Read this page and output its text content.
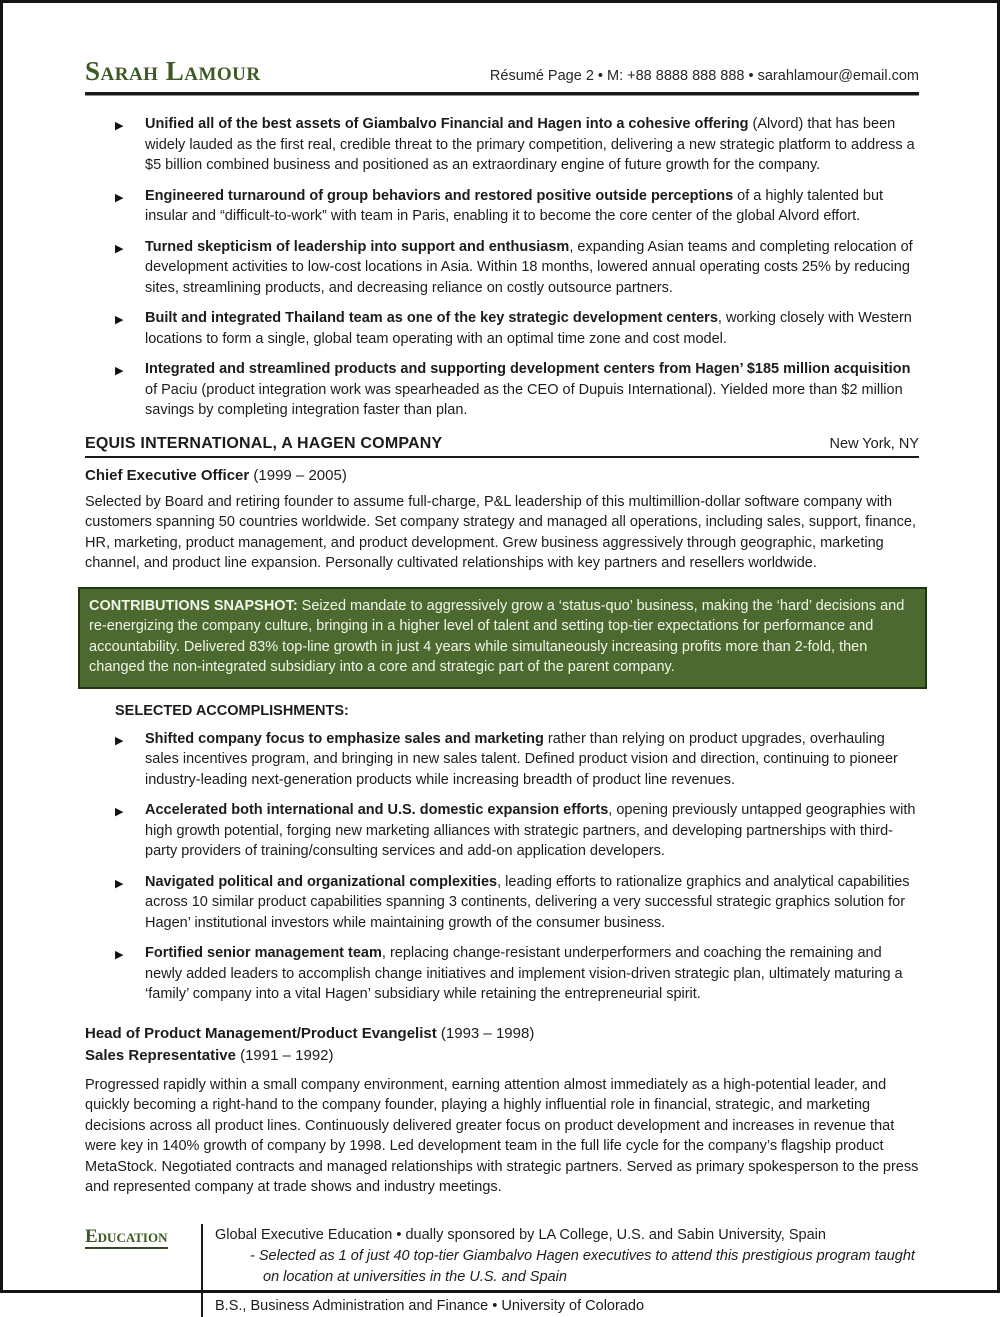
Sarah Lamour	Résumé Page 2 • M: +88 8888 888 888 • sarahlamour@email.com
▶ Unified all of the best assets of Giambalvo Financial and Hagen into a cohesive offering (Alvord) that has been widely lauded as the first real, credible threat to the primary competition, delivering a new strategic platform to address a $5 billion combined business and positioned as an extraordinary engine of future growth for the company.
▶ Engineered turnaround of group behaviors and restored positive outside perceptions of a highly talented but insular and “difficult-to-work” with team in Paris, enabling it to become the core center of the global Alvord effort.
▶ Turned skepticism of leadership into support and enthusiasm, expanding Asian teams and completing relocation of development activities to low-cost locations in Asia. Within 18 months, lowered annual operating costs 25% by reducing sites, streamlining products, and decreasing reliance on costly outsource partners.
▶ Built and integrated Thailand team as one of the key strategic development centers, working closely with Western locations to form a single, global team operating with an optimal time zone and cost model.
▶ Integrated and streamlined products and supporting development centers from Hagen’ $185 million acquisition of Paciu (product integration work was spearheaded as the CEO of Dupuis International). Yielded more than $2 million savings by completing integration faster than plan.
EQUIS INTERNATIONAL, A HAGEN COMPANY	New York, NY
Chief Executive Officer (1999 – 2005)
Selected by Board and retiring founder to assume full-charge, P&L leadership of this multimillion-dollar software company with customers spanning 50 countries worldwide. Set company strategy and managed all operations, including sales, support, finance, HR, marketing, product management, and product development. Grew business aggressively through geographic, marketing channel, and product line expansion. Personally cultivated relationships with key partners and resellers worldwide.
CONTRIBUTIONS SNAPSHOT: Seized mandate to aggressively grow a ‘status-quo’ business, making the ‘hard’ decisions and re-energizing the company culture, bringing in a higher level of talent and setting top-tier expectations for performance and accountability. Delivered 83% top-line growth in just 4 years while simultaneously increasing profits more than 2-fold, then changed the non-integrated subsidiary into a core and strategic part of the parent company.
SELECTED ACCOMPLISHMENTS:
▶ Shifted company focus to emphasize sales and marketing rather than relying on product upgrades, overhauling sales incentives program, and bringing in new sales talent. Defined product vision and direction, continuing to pioneer industry-leading next-generation products while increasing breadth of product line revenues.
▶ Accelerated both international and U.S. domestic expansion efforts, opening previously untapped geographies with high growth potential, forging new marketing alliances with strategic partners, and developing partnerships with third-party providers of training/consulting services and add-on application developers.
▶ Navigated political and organizational complexities, leading efforts to rationalize graphics and analytical capabilities across 10 similar product capabilities spanning 3 continents, delivering a very successful strategic graphics solution for Hagen’ institutional investors while maintaining growth of the consumer business.
▶ Fortified senior management team, replacing change-resistant underperformers and coaching the remaining and newly added leaders to accomplish change initiatives and implement vision-driven strategic plan, ultimately maturing a ‘family’ company into a vital Hagen’ subsidiary while retaining the entrepreneurial spirit.
Head of Product Management/Product Evangelist (1993 – 1998)
Sales Representative (1991 – 1992)
Progressed rapidly within a small company environment, earning attention almost immediately as a high-potential leader, and quickly becoming a right-hand to the company founder, playing a highly influential role in financial, strategic, and marketing decisions across all product lines. Continuously delivered greater focus on product development and increases in revenue that were key in 140% growth of company by 1998. Led development team in the full life cycle for the company’s flagship product MetaStock. Negotiated contracts and managed relationships with strategic partners. Served as primary spokesperson to the press and represented company at trade shows and industry meetings.
Education	Global Executive Education • dually sponsored by LA College, U.S. and Sabin University, Spain
- Selected as 1 of just 40 top-tier Giambalvo Hagen executives to attend this prestigious program taught on location at universities in the U.S. and Spain
B.S., Business Administration and Finance • University of Colorado
